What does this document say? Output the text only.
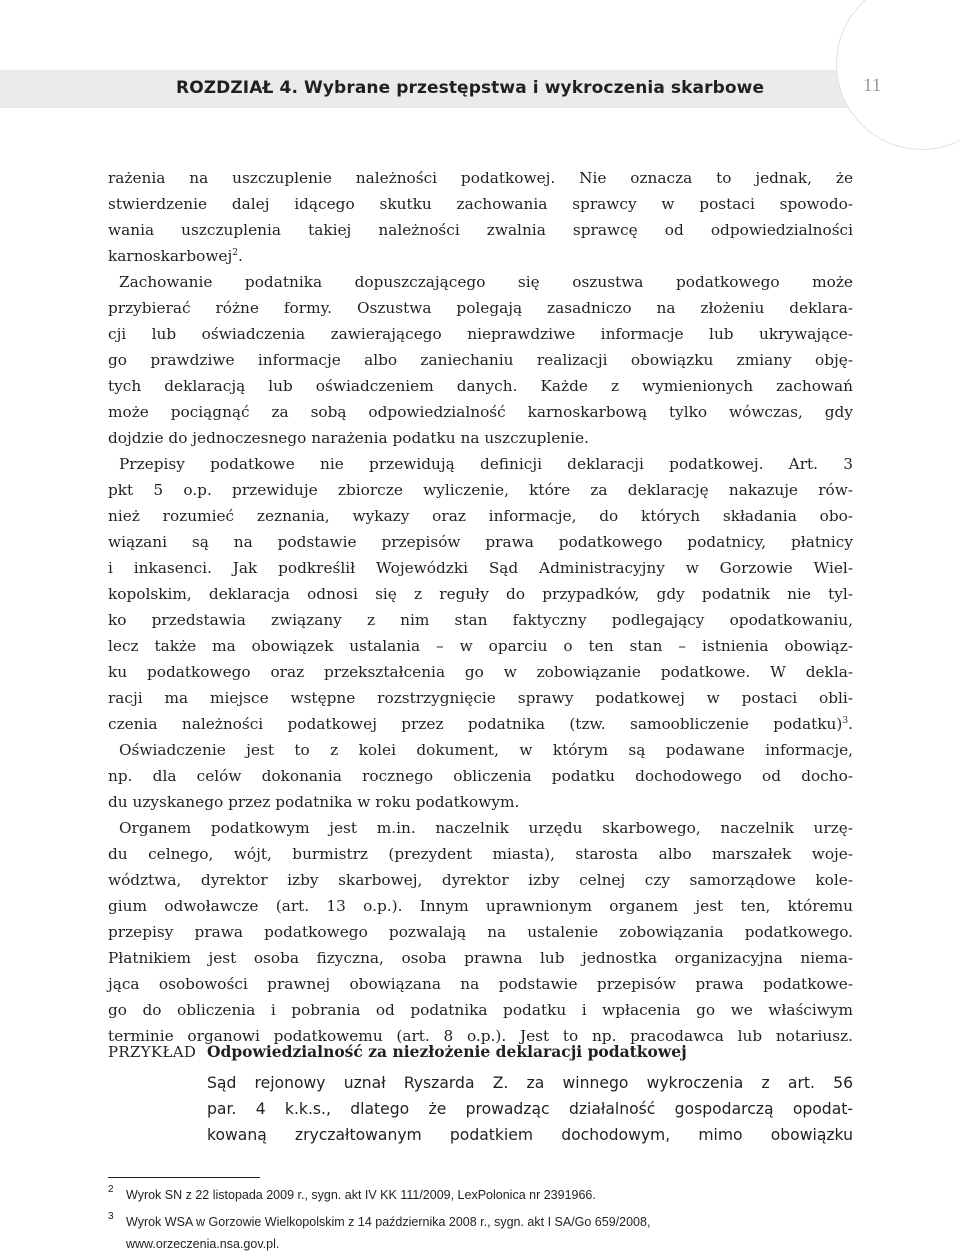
ROZDZIAŁ 4. Wybrane przestępstwa i wykroczenia skarbowe	11
rażenia na uszczuplenie należności podatkowej. Nie oznacza to jednak, że
stwierdzenie dalej idącego skutku zachowania sprawcy w postaci spowodo-
wania uszczuplenia takiej należności zwalnia sprawcę od odpowiedzialności
karnoskarbowej$^2$.
Zachowanie podatnika dopuszczającego się oszustwa podatkowego może
przybierać różne formy. Oszustwa polegają zasadniczo na złożeniu deklara-
cji lub oświadczenia zawierającego nieprawdziwe informacje lub ukrywające-
go prawdziwe informacje albo zaniechaniu realizacji obowiązku zmiany obję-
tych deklaracją lub oświadczeniem danych. Każde z wymienionych zachowań
może pociągnąć za sobą odpowiedzialność karnoskarbową tylko wówczas, gdy
dojdzie do jednoczesnego narażenia podatku na uszczuplenie.
Przepisy podatkowe nie przewidują definicji deklaracji podatkowej. Art. 3
pkt 5 o.p. przewiduje zbiorcze wyliczenie, które za deklarację nakazuje rów-
nież rozumieć zeznania, wykazy oraz informacje, do których składania obo-
wiązani są na podstawie przepisów prawa podatkowego podatnicy, płatnicy
i inkasenci. Jak podkreślił Wojewódzki Sąd Administracyjny w Gorzowie Wiel-
kopolskim, deklaracja odnosi się z reguły do przypadków, gdy podatnik nie tyl-
ko przedstawia związany z nim stan faktyczny podlegający opodatkowaniu,
lecz także ma obowiązek ustalania – w oparciu o ten stan – istnienia obowiąz-
ku podatkowego oraz przekształcenia go w zobowiązanie podatkowe. W dekla-
racji ma miejsce wstępne rozstrzygnięcie sprawy podatkowej w postaci obli-
czenia należności podatkowej przez podatnika (tzw. samoobliczenie podatku)$^3$.
Oświadczenie jest to z kolei dokument, w którym są podawane informacje,
np. dla celów dokonania rocznego obliczenia podatku dochodowego od docho-
du uzyskanego przez podatnika w roku podatkowym.
Organem podatkowym jest m.in. naczelnik urzędu skarbowego, naczelnik urzę-
du celnego, wójt, burmistrz (prezydent miasta), starosta albo marszałek woje-
wództwa, dyrektor izby skarbowej, dyrektor izby celnej czy samorządowe kole-
gium odwoławcze (art. 13 o.p.). Innym uprawnionym organem jest ten, któremu
przepisy prawa podatkowego pozwalają na ustalenie zobowiązania podatkowego.
Płatnikiem jest osoba fizyczna, osoba prawna lub jednostka organizacyjna niema-
jąca osobowości prawnej obowiązana na podstawie przepisów prawa podatkowe-
go do obliczenia i pobrania od podatnika podatku i wpłacenia go we właściwym
terminie organowi podatkowemu (art. 8 o.p.). Jest to np. pracodawca lub notariusz.
PRZYKŁAD Odpowiedzialność za niezłożenie deklaracji podatkowej
Sąd rejonowy uznał Ryszarda Z. za winnego wykroczenia z art. 56
par. 4 k.k.s., dlatego że prowadząc działalność gospodarczą opodat-
kowaną zryczałtowanym podatkiem dochodowym, mimo obowiązku
2 Wyrok SN z 22 listopada 2009 r., sygn. akt IV KK 111/2009, LexPolonica nr 2391966.
3 Wyrok WSA w Gorzowie Wielkopolskim z 14 października 2008 r., sygn. akt I SA/Go 659/2008,
www.orzeczenia.nsa.gov.pl.
